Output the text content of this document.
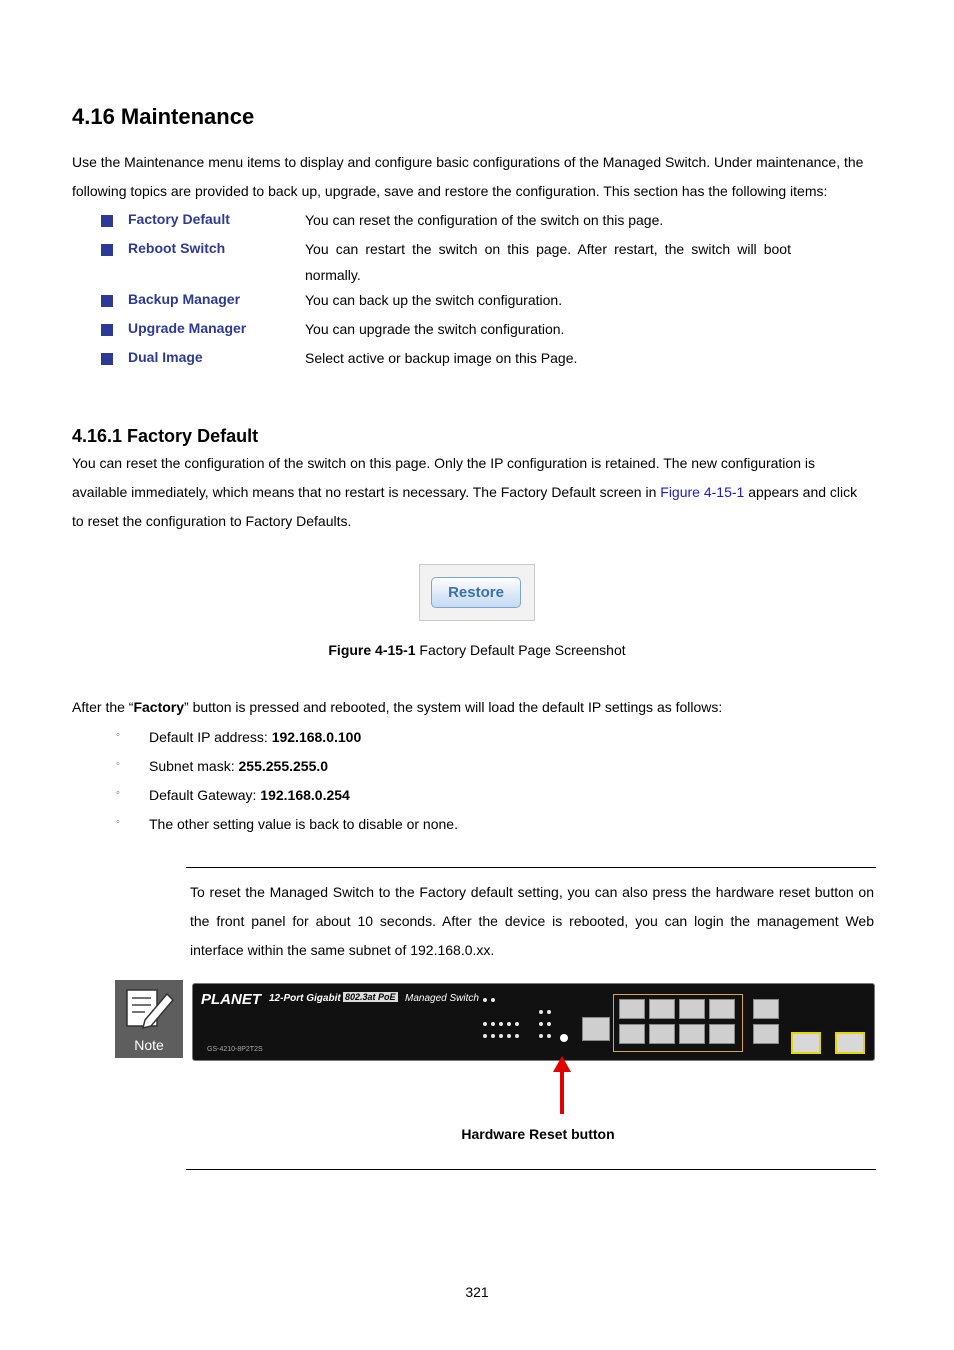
4.16 Maintenance

Use the Maintenance menu items to display and configure basic configurations of the Managed Switch. Under maintenance, the
following topics are provided to back up, upgrade, save and restore the configuration. This section has the following items:

Factory Default	You can reset the configuration of the switch on this page.
Reboot Switch	You can restart the switch on this page. After restart, the switch will boot normally.
Backup Manager	You can back up the switch configuration.
Upgrade Manager	You can upgrade the switch configuration.
Dual Image	Select active or backup image on this Page.
4.16.1 Factory Default

You can reset the configuration of the switch on this page. Only the IP configuration is retained. The new configuration is
available immediately, which means that no restart is necessary. The Factory Default screen in Figure 4-15-1 appears and click
to reset the configuration to Factory Defaults.

Restore
Figure 4-15-1 Factory Default Page Screenshot

After the “Factory” button is pressed and rebooted, the system will load the default IP settings as follows:

◦ Default IP address: 192.168.0.100
◦ Subnet mask: 255.255.255.0
◦ Default Gateway: 192.168.0.254
◦ The other setting value is back to disable or none.

To reset the Managed Switch to the Factory default setting, you can also press the hardware reset button on the front panel for about 10 seconds. After the device is rebooted, you can login the management Web interface within the same subnet of 192.168.0.xx.

Note
PLANET 12-Port Gigabit 802.3at PoE Managed Switch
GS-4210-8P2T2S
Hardware Reset button
321
